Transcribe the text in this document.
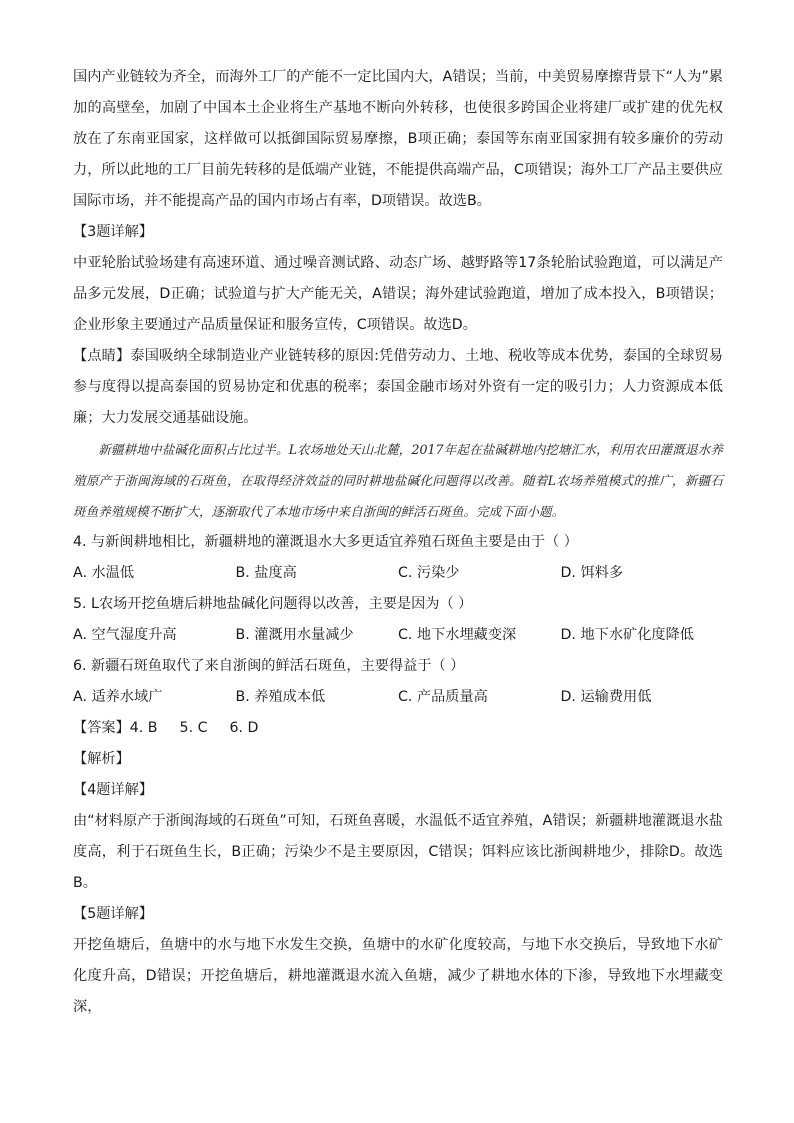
国内产业链较为齐全，而海外工厂的产能不一定比国内大，A错误；当前，中美贸易摩擦背景下“人为”累加的高壁垒，加剧了中国本土企业将生产基地不断向外转移，也使很多跨国企业将建厂或扩建的优先权放在了东南亚国家，这样做可以抵御国际贸易摩擦，B项正确；泰国等东南亚国家拥有较多廉价的劳动力，所以此地的工厂目前先转移的是低端产业链，不能提供高端产品，C项错误；海外工厂产品主要供应国际市场，并不能提高产品的国内市场占有率，D项错误。故选B。

【3题详解】

中亚轮胎试验场建有高速环道、通过噪音测试路、动态广场、越野路等17条轮胎试验跑道，可以满足产品多元发展，D正确；试验道与扩大产能无关，A错误；海外建试验跑道，增加了成本投入，B项错误；企业形象主要通过产品质量保证和服务宣传，C项错误。故选D。

【点睛】泰国吸纳全球制造业产业链转移的原因:凭借劳动力、土地、税收等成本优势，泰国的全球贸易参与度得以提高泰国的贸易协定和优惠的税率；泰国金融市场对外资有一定的吸引力；人力资源成本低廉；大力发展交通基础设施。

新疆耕地中盐碱化面积占比过半。L农场地处天山北麓，2017年起在盐碱耕地内挖塘汇水，利用农田灌溉退水养殖原产于浙闽海域的石斑鱼，在取得经济效益的同时耕地盐碱化问题得以改善。随着L农场养殖模式的推广，新疆石斑鱼养殖规模不断扩大，逐渐取代了本地市场中来自浙闽的鲜活石斑鱼。完成下面小题。

4. 与新闽耕地相比，新疆耕地的灌溉退水大多更适宜养殖石斑鱼主要是由于（ ）

A. 水温低	B. 盐度高	C. 污染少	D. 饵料多

5. L农场开挖鱼塘后耕地盐碱化问题得以改善，主要是因为（ ）

A. 空气湿度升高	B. 灌溉用水量减少	C. 地下水埋藏变深	D. 地下水矿化度降低

6. 新疆石斑鱼取代了来自浙闽的鲜活石斑鱼，主要得益于（ ）

A. 适养水域广	B. 养殖成本低	C. 产品质量高	D. 运输费用低
【答案】 4. B 5. C 6. D

【解析】

【4题详解】

由“材料原产于浙闽海域的石斑鱼”可知，石斑鱼喜暖，水温低不适宜养殖，A错误；新疆耕地灌溉退水盐度高，利于石斑鱼生长，B正确；污染少不是主要原因，C错误；饵料应该比浙闽耕地少，排除D。故选B。

【5题详解】

开挖鱼塘后，鱼塘中的水与地下水发生交换，鱼塘中的水矿化度较高，与地下水交换后，导致地下水矿化度升高，D错误；开挖鱼塘后，耕地灌溉退水流入鱼塘，减少了耕地水体的下渗，导致地下水埋藏变深，
